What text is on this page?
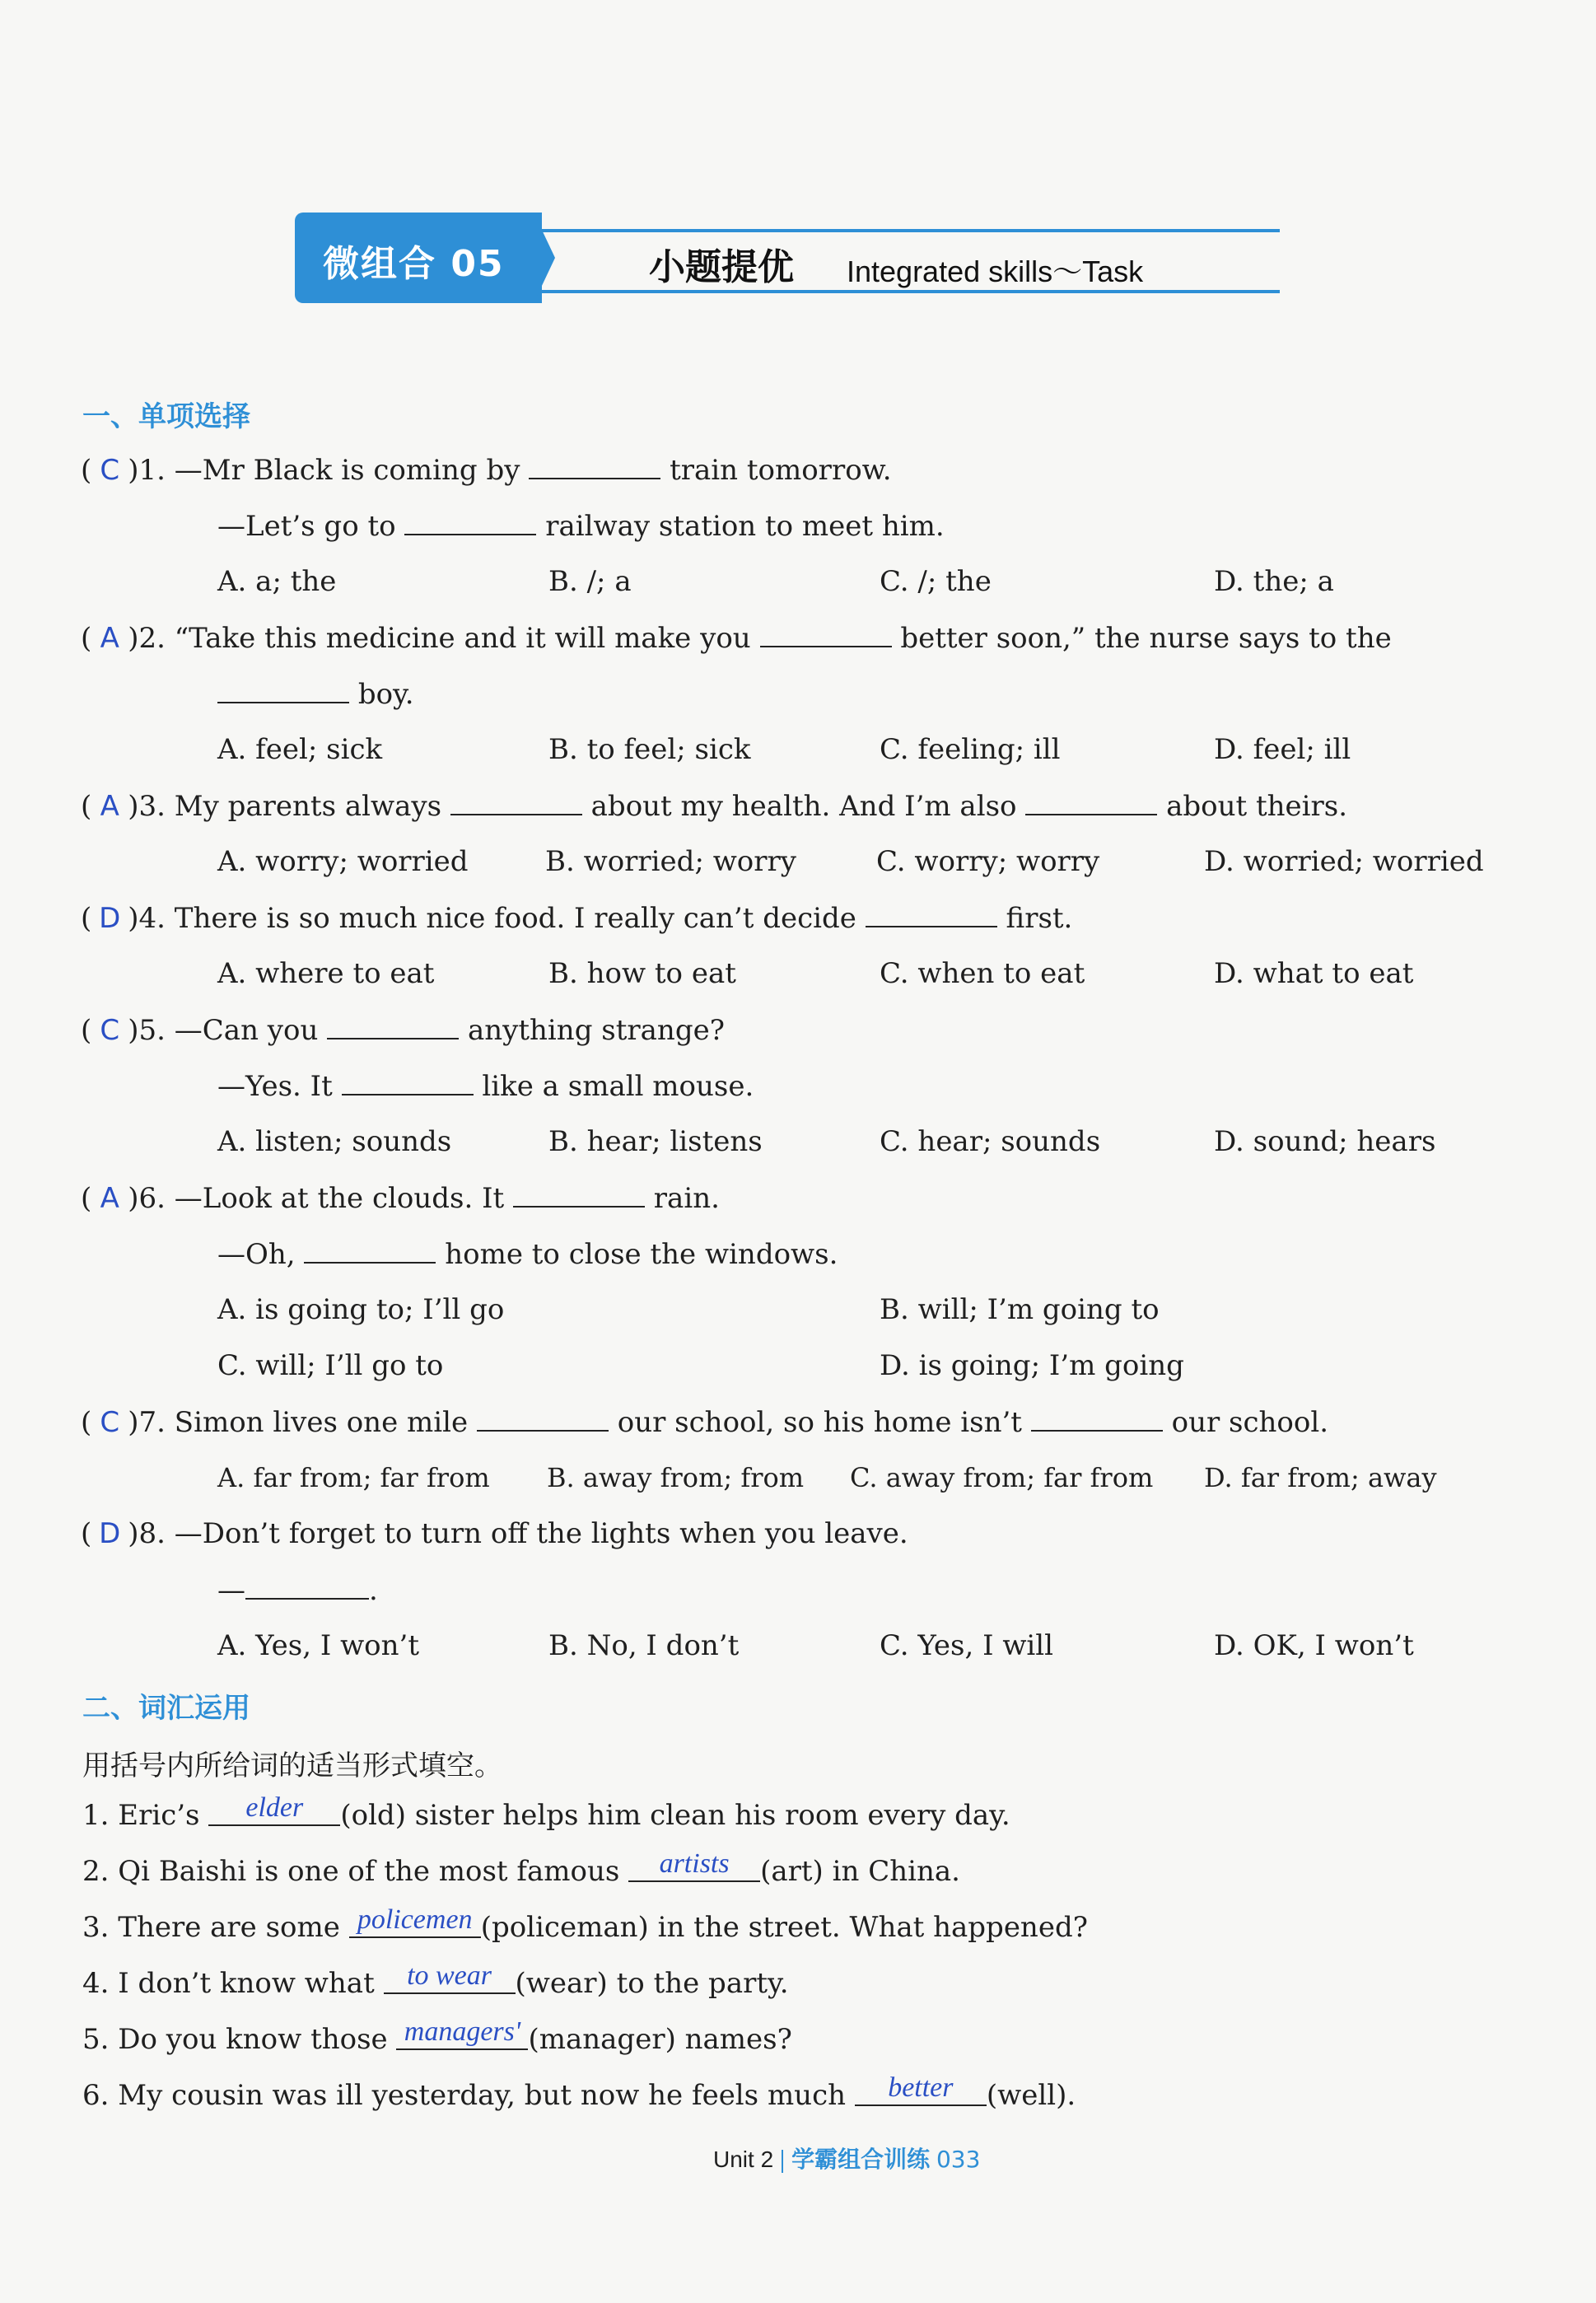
微组合 05	小题提优 Integrated skills～Task
一、单项选择
( C )1. —Mr Black is coming by	train tomorrow.
—Let’s go to	railway station to meet him.
A. a; the	B. /; a	C. /; the	D. the; a
( A )2. “Take this medicine and it will make you	better soon,” the nurse says to the
boy.
A. feel; sick	B. to feel; sick	C. feeling; ill	D. feel; ill
( A )3. My parents always	about my health. And I’m also	about theirs.
A. worry; worried	B. worried; worry	C. worry; worry	D. worried; worried
( D )4. There is so much nice food. I really can’t decide	first.
A. where to eat	B. how to eat	C. when to eat	D. what to eat
( C )5. —Can you	anything strange?
—Yes. It	like a small mouse.
A. listen; sounds	B. hear; listens	C. hear; sounds	D. sound; hears
( A )6. —Look at the clouds. It	rain.
—Oh,	home to close the windows.
A. is going to; I’ll go	B. will; I’m going to
C. will; I’ll go to	D. is going; I’m going
( C )7. Simon lives one mile	our school, so his home isn’t	our school.
A. far from; far from B. away from; from C. away from; far from D. far from; away
( D )8. —Don’t forget to turn off the lights when you leave.
—	.
A. Yes, I won’t	B. No, I don’t	C. Yes, I will	D. OK, I won’t
二、词汇运用
用括号内所给词的适当形式填空。
1. Eric’s elder (old) sister helps him clean his room every day.
2. Qi Baishi is one of the most famous artists (art) in China.
3. There are some policemen (policeman) in the street. What happened?
4. I don’t know what to wear (wear) to the party.
5. Do you know those managers' (manager) names?
6. My cousin was ill yesterday, but now he feels much better (well).
Unit 2 学霸组合训练 033
